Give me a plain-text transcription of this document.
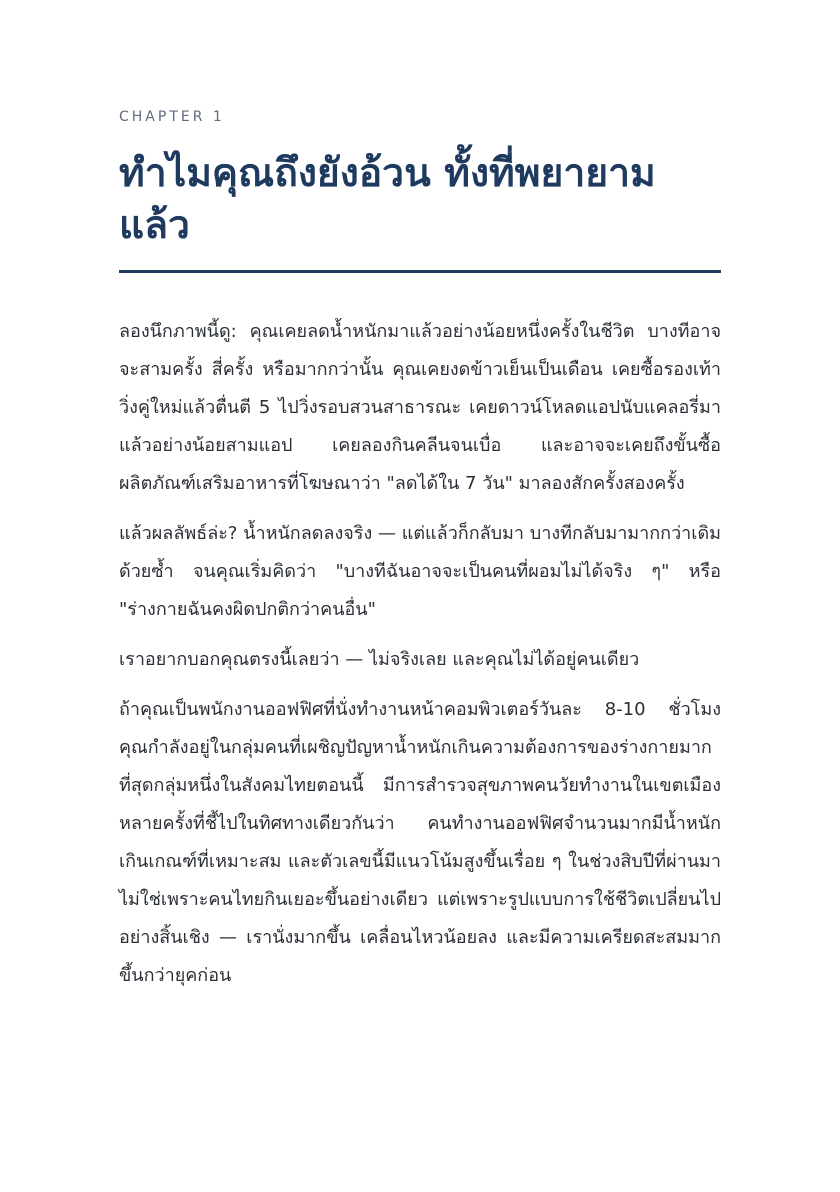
CHAPTER 1

ทำไมคุณถึงยังอ้วน ทั้งที่พยายามแล้ว

ลองนึกภาพนี้ดู: คุณเคยลดน้ำหนักมาแล้วอย่างน้อยหนึ่งครั้งในชีวิต บางทีอาจจะสามครั้ง สี่ครั้ง หรือมากกว่านั้น คุณเคยงดข้าวเย็นเป็นเดือน เคยซื้อรองเท้าวิ่งคู่ใหม่แล้วตื่นตี 5 ไปวิ่งรอบสวนสาธารณะ เคยดาวน์โหลดแอปนับแคลอรี่มาแล้วอย่างน้อยสามแอป เคยลองกินคลีนจนเบื่อ และอาจจะเคยถึงขั้นซื้อผลิตภัณฑ์เสริมอาหารที่โฆษณาว่า "ลดได้ใน 7 วัน" มาลองสักครั้งสองครั้ง

แล้วผลลัพธ์ล่ะ? น้ำหนักลดลงจริง — แต่แล้วก็กลับมา บางทีกลับมามากกว่าเดิมด้วยซ้ำ จนคุณเริ่มคิดว่า "บางทีฉันอาจจะเป็นคนที่ผอมไม่ได้จริง ๆ" หรือ "ร่างกายฉันคงผิดปกติกว่าคนอื่น"

เราอยากบอกคุณตรงนี้เลยว่า — ไม่จริงเลย และคุณไม่ได้อยู่คนเดียว

ถ้าคุณเป็นพนักงานออฟฟิศที่นั่งทำงานหน้าคอมพิวเตอร์วันละ 8-10 ชั่วโมง คุณกำลังอยู่ในกลุ่มคนที่เผชิญปัญหาน้ำหนักเกินความต้องการของร่างกายมากที่สุดกลุ่มหนึ่งในสังคมไทยตอนนี้ มีการสำรวจสุขภาพคนวัยทำงานในเขตเมืองหลายครั้งที่ชี้ไปในทิศทางเดียวกันว่า คนทำงานออฟฟิศจำนวนมากมีน้ำหนักเกินเกณฑ์ที่เหมาะสม และตัวเลขนี้มีแนวโน้มสูงขึ้นเรื่อย ๆ ในช่วงสิบปีที่ผ่านมา ไม่ใช่เพราะคนไทยกินเยอะขึ้นอย่างเดียว แต่เพราะรูปแบบการใช้ชีวิตเปลี่ยนไปอย่างสิ้นเชิง — เรานั่งมากขึ้น เคลื่อนไหวน้อยลง และมีความเครียดสะสมมากขึ้นกว่ายุคก่อน
